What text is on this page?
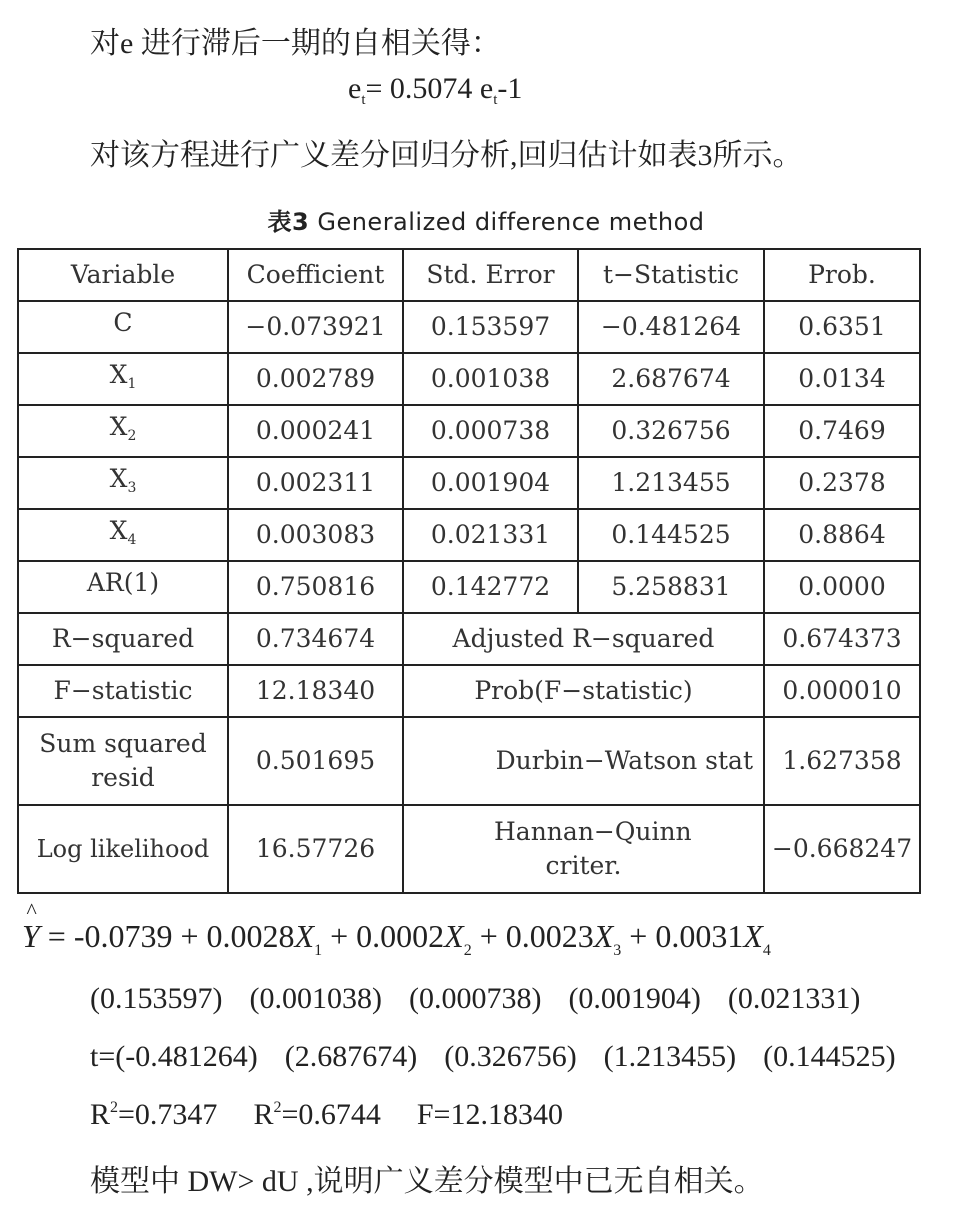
对e 进行滞后一期的自相关得：
$e_t= 0.5074$ $e_t-1$
对该方程进行广义差分回归分析,回归估计如表3所示。
表3 Generalized difference method
Variable	Coefficient	Std. Error	t−Statistic	Prob.
C	−0.073921	0.153597	−0.481264	0.6351
$X_1$	0.002789	0.001038	2.687674	0.0134
$X_2$	0.000241	0.000738	0.326756	0.7469
$X_3$	0.002311	0.001904	1.213455	0.2378
$X_4$	0.003083	0.021331	0.144525	0.8864
AR(1)	0.750816	0.142772	5.258831	0.0000
R−squared	0.734674	Adjusted R−squared		0.674373
F−statistic	12.18340	Prob(F−statistic)		0.000010
Sum squared resid	0.501695	Durbin−Watson stat		1.627358
Log likelihood	16.57726	Hannan−Quinn criter.		−0.668247
^ $Y = -0.0739 + 0.0028X_1 + 0.0002X_2 + 0.0023X_3 + 0.0031X_4$
(0.153597)  (0.001038)  (0.000738)  (0.001904)  (0.021331)
t=(-0.481264)  (2.687674)  (0.326756)  (1.213455)  (0.144525)
$R^2=0.7347$ $R^2=0.6744$ F=12.18340
模型中 DW> dU ,说明广义差分模型中已无自相关。
